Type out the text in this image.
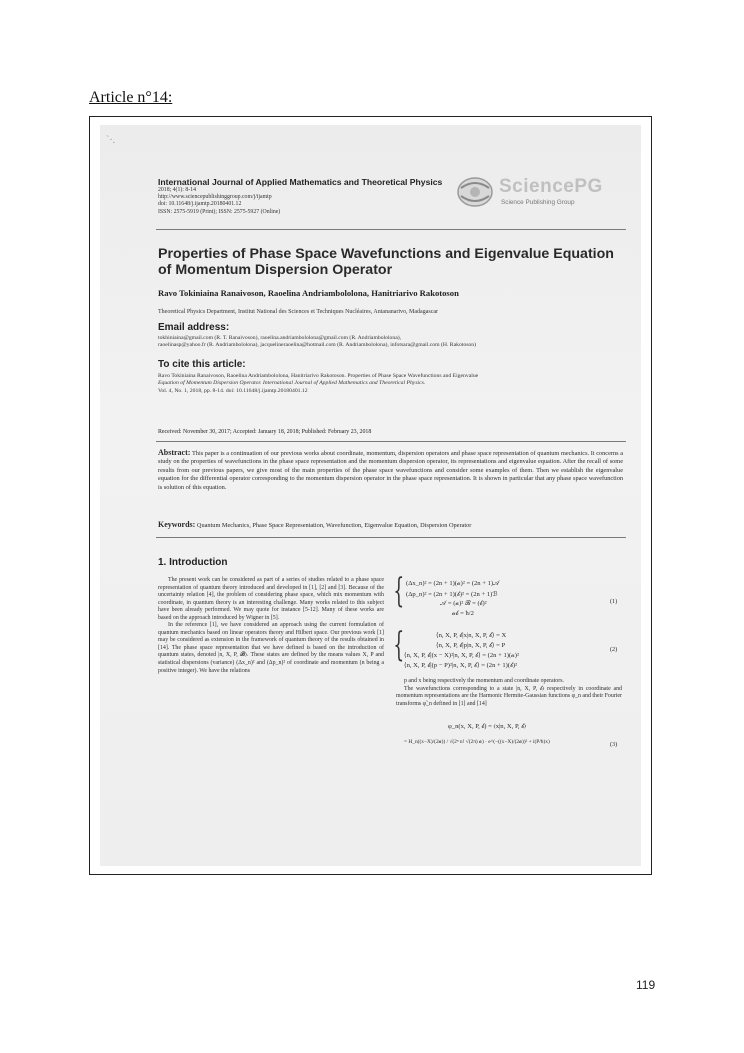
Article n°14:
`·.
International Journal of Applied Mathematics and Theoretical Physics
2018; 4(1): 8-14
http://www.sciencepublishinggroup.com/j/ijamtp
doi: 10.11648/j.ijamtp.20180401.12
ISSN: 2575-5919 (Print); ISSN: 2575-5927 (Online)
SciencePG
Science Publishing Group
Properties of Phase Space Wavefunctions and Eigenvalue Equation of Momentum Dispersion Operator
Ravo Tokiniaina Ranaivoson, Raoelina Andriambololona, Hanitriarivo Rakotoson
Theoretical Physics Department, Institut National des Sciences et Techniques Nucléaires, Antananarivo, Madagascar
Email address:
tokhiniaina@gmail.com (R. T. Ranaivoson), raoelina.andriambololona@gmail.com (R. Andriambololona),
raoelinasp@yahoo.fr (R. Andriambololona), jacquelineraoelina@hotmail.com (R. Andriambololona), infotsara@gmail.com (H. Rakotoson)
To cite this article:
Ravo Tokiniaina Ranaivoson, Raoelina Andriambololona, Hanitriarivo Rakotoson. Properties of Phase Space Wavefunctions and Eigenvalue
Equation of Momentum Dispersion Operator. International Journal of Applied Mathematics and Theoretical Physics.
Vol. 4, No. 1, 2018, pp. 8-14. doi: 10.11648/j.ijamtp.20180401.12
Received: November 30, 2017; Accepted: January 18, 2018; Published: February 23, 2018
Abstract: This paper is a continuation of our previous works about coordinate, momentum, dispersion operators and phase space representation of quantum mechanics. It concerns a study on the properties of wavefunctions in the phase space representation and the momentum dispersion operator, its representations and eigenvalue equation. After the recall of some results from our previous papers, we give most of the main properties of the phase space wavefunctions and consider some examples of them. Then we establish the eigenvalue equation for the differential operator corresponding to the momentum dispersion operator in the phase space representation. It is shown in particular that any phase space wavefunction is solution of this equation.
Keywords: Quantum Mechanics, Phase Space Representation, Wavefunction, Eigenvalue Equation, Dispersion Operator
1. Introduction

The present work can be considered as part of a series of studies related to a phase space representation of quantum theory introduced and developed in [1], [2] and [3]. Because of the uncertainty relation [4], the problem of considering phase space, which mix momentum with coordinate, in quantum theory is an interesting challenge. Many works related to this subject have been already performed. We may quote for instance [5-12]. Many of these works are based on the approach introduced by Wigner in [5].

In the reference [1], we have considered an approach using the current formulation of quantum mechanics based on linear operators theory and Hilbert space. Our previous work [1] may be considered as extension in the framework of quantum theory of the results obtained in [14]. The phase space representation that we have defined is based on the introduction of quantum states, denoted |n, X, P, 𝓑⟩. These states are defined by the means values X, P and statistical dispersions (variance) (Δx_n)² and (Δp_n)² of coordinate and momentum (n being a positive integer). We have the relations

{ (Δx_n)² = (2n + 1)(𝒶)² = (2n + 1)𝒜
(Δp_n)² = (2n + 1)(𝒷)² = (2n + 1)ℬ
𝒜 = (𝒶)² ℬ = (𝒷)²
𝒶𝒷 = ħ/2
(1)
{	⟨n, X, P, 𝒷|x|n, X, P, 𝒷⟩ = X
⟨n, X, P, 𝒷|p|n, X, P, 𝒷⟩ = P
⟨n, X, P, 𝒷|(x − X)²|n, X, P, 𝒷⟩ = (2n + 1)(𝒶)²
⟨n, X, P, 𝒷|(p − P)²|n, X, P, 𝒷⟩ = (2n + 1)(𝒷)²
(2)

p and x being respectively the momentum and coordinate operators.

The wavefunctions corresponding to a state |n, X, P, 𝒷⟩ respectively in coordinate and momentum representations are the Harmonic Hermite-Gaussian functions φ_n and their Fourier transforms φ̃_n defined in [1] and [14]

φ_n(x, X, P, 𝒷) = ⟨x|n, X, P, 𝒷⟩
= H_n((x−X)/(2𝒶)) / √(2ⁿ n! √(2π) 𝒶) · e^(−((x−X)/(2𝒶))² + i(P/ħ)x)	(3)
119
